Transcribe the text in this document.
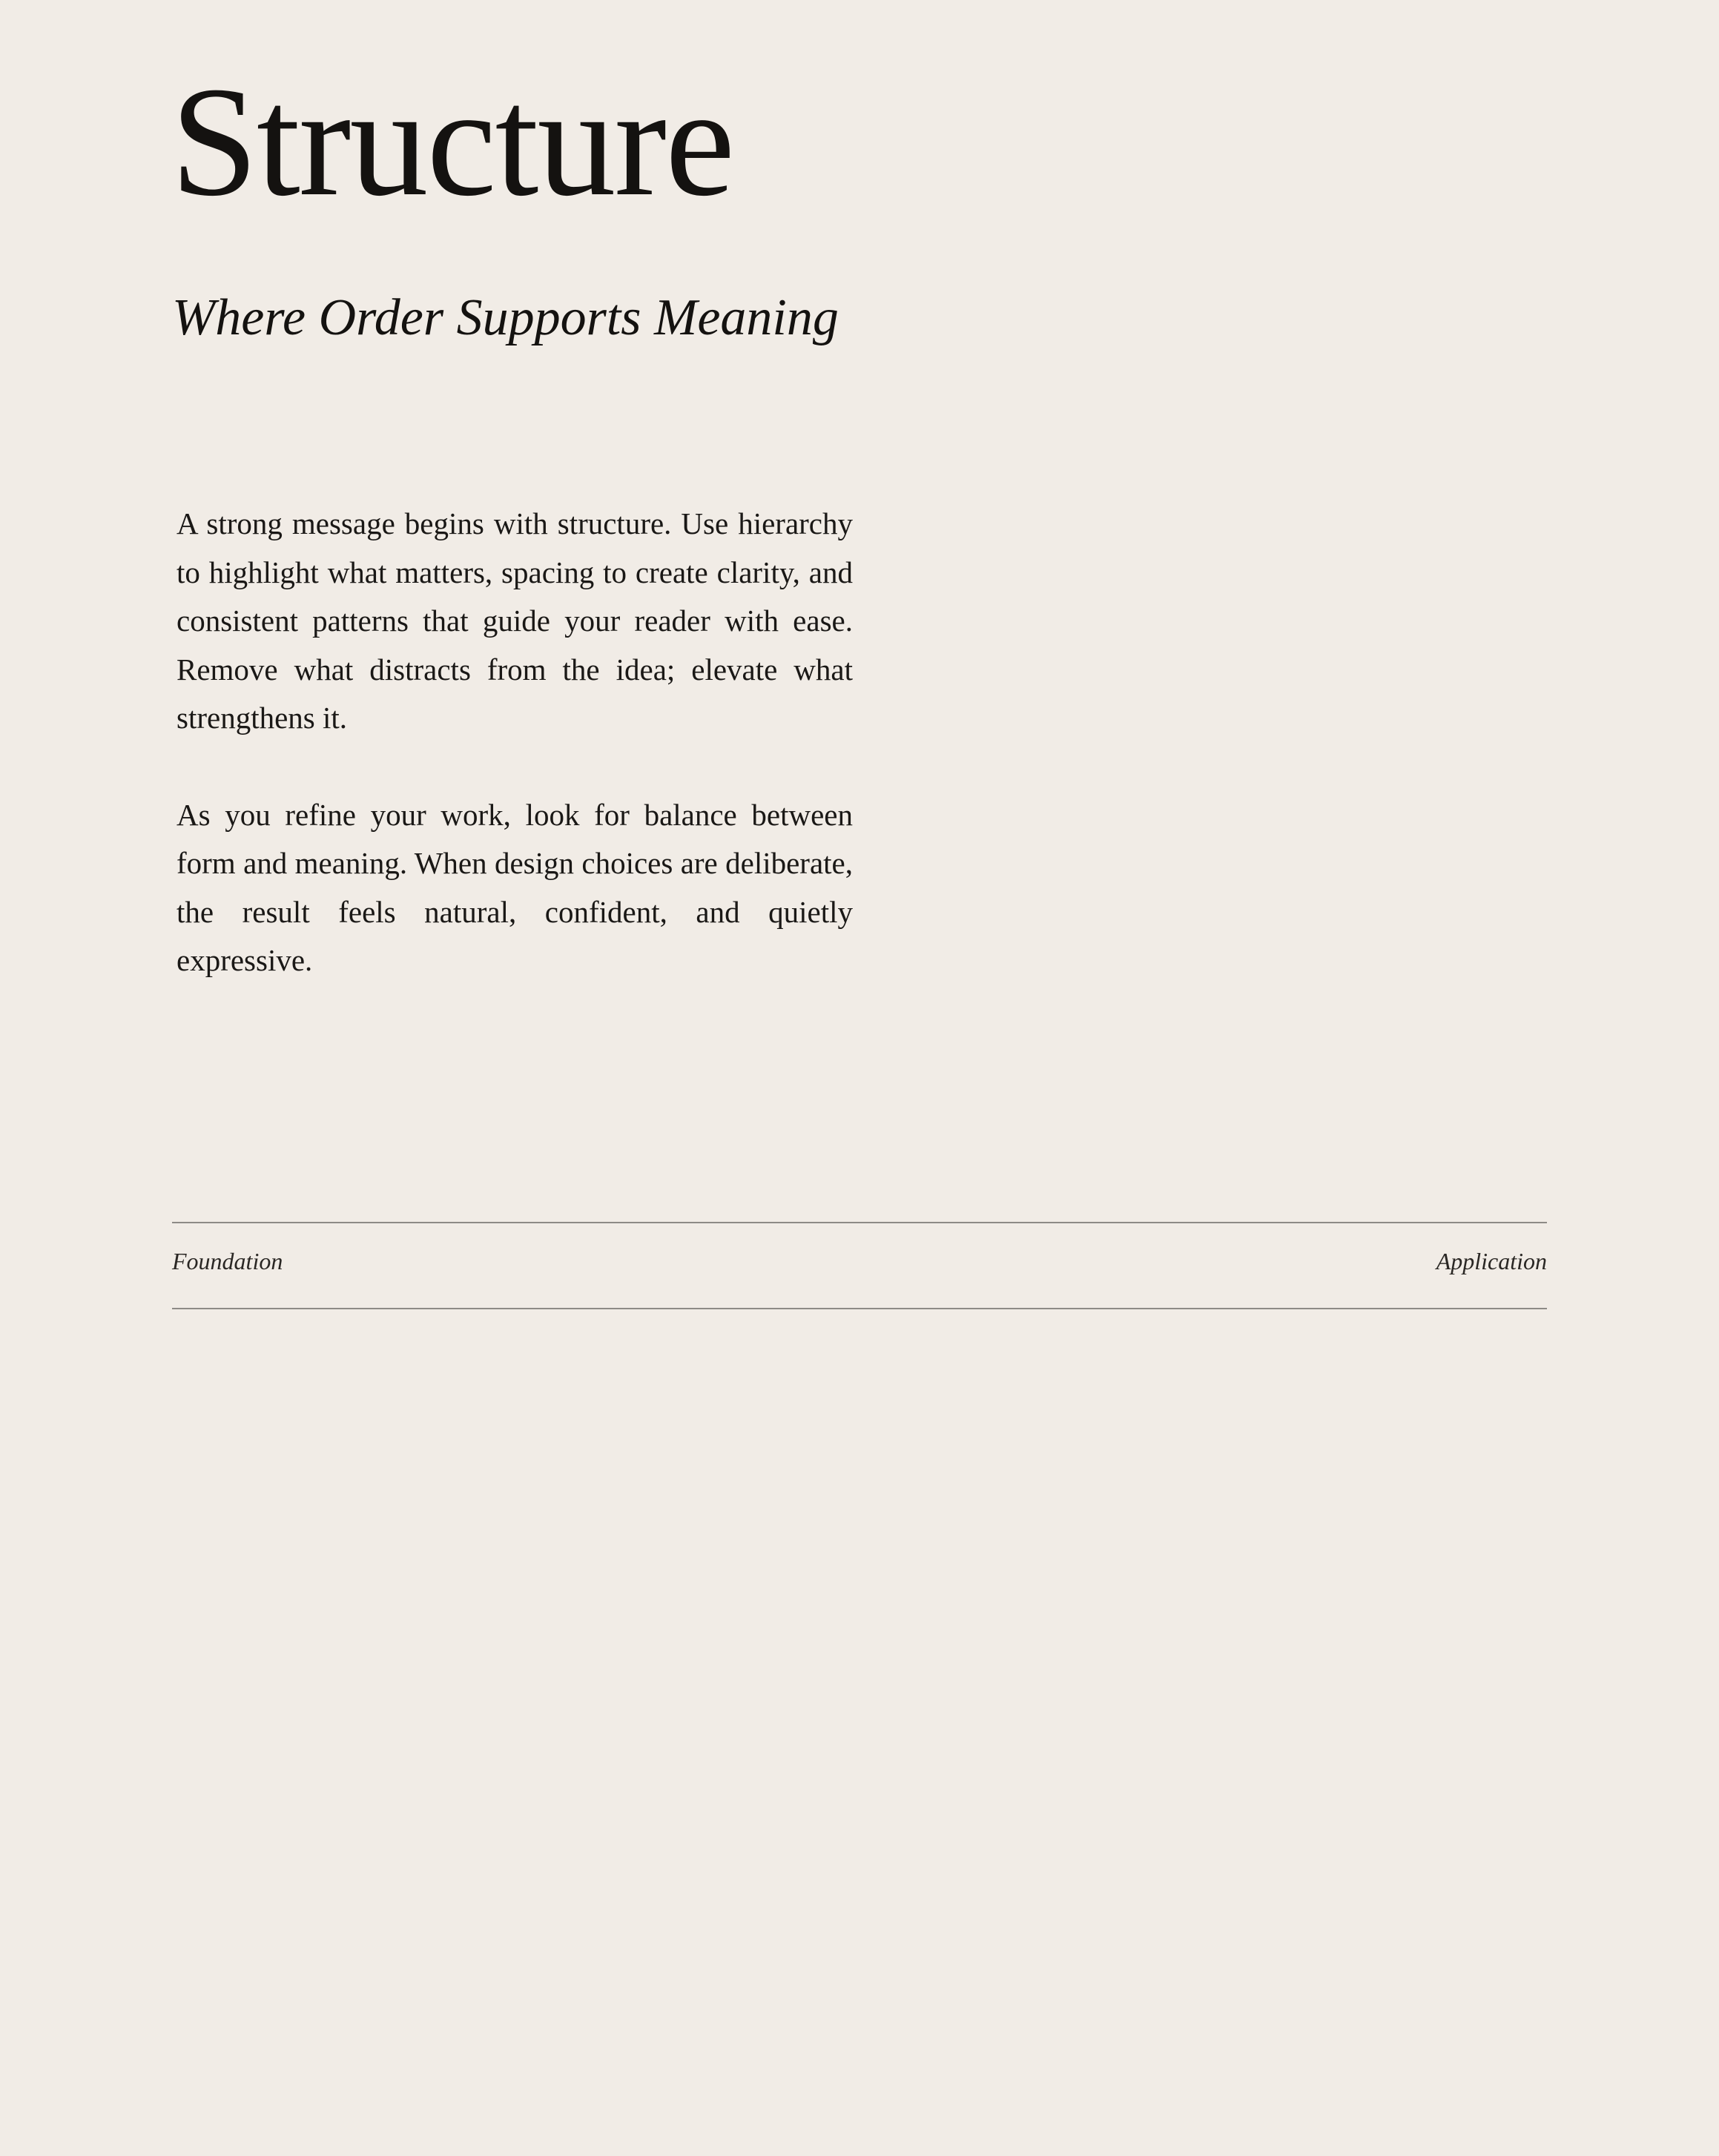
Structure
Where Order Supports Meaning

A strong message begins with structure. Use hierarchy to highlight what matters, spacing to create clarity, and consistent patterns that guide your reader with ease. Remove what distracts from the idea; elevate what strengthens it.

As you refine your work, look for balance between form and meaning. When design choices are deliberate, the result feels natural, confident, and quietly expressive.

Foundation	Application
